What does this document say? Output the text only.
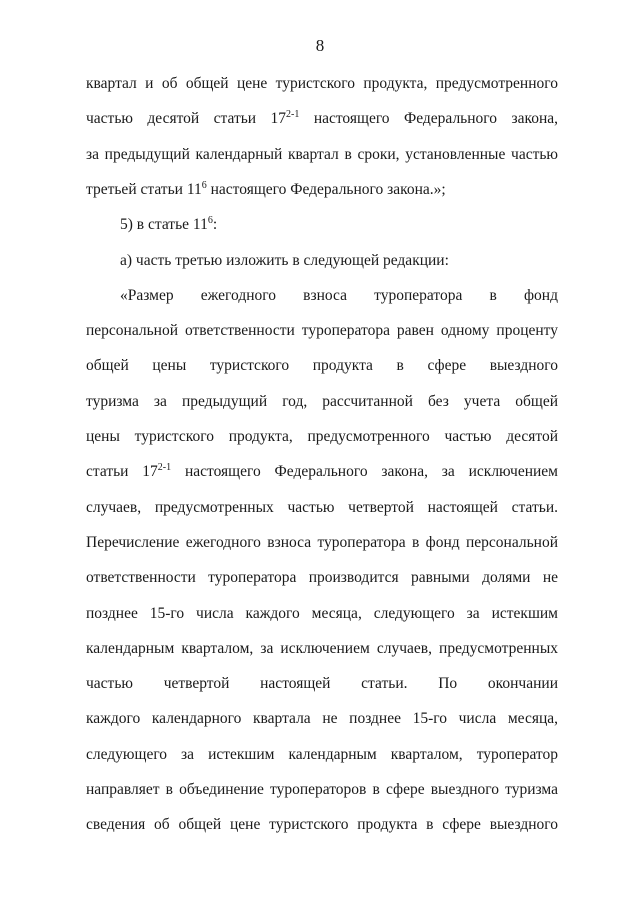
8
квартал и об общей цене туристского продукта, предусмотренного
частью десятой статьи 17$^{2-1}$ настоящего Федерального закона,
за предыдущий календарный квартал в сроки, установленные частью
третьей статьи $11^6$ настоящего Федерального закона.»;
5) в статье $11^6$:
а) часть третью изложить в следующей редакции:
«Размер ежегодного взноса туроператора в фонд
персональной ответственности туроператора равен одному проценту
общей цены туристского продукта в сфере выездного
туризма за предыдущий год, рассчитанной без учета общей
цены туристского продукта, предусмотренного частью десятой
статьи 17$^{2-1}$ настоящего Федерального закона, за исключением
случаев, предусмотренных частью четвертой настоящей статьи.
Перечисление ежегодного взноса туроператора в фонд персональной
ответственности туроператора производится равными долями не
позднее 15-го числа каждого месяца, следующего за истекшим
календарным кварталом, за исключением случаев, предусмотренных
частью четвертой настоящей статьи. По окончании
каждого календарного квартала не позднее 15-го числа месяца,
следующего за истекшим календарным кварталом, туроператор
направляет в объединение туроператоров в сфере выездного туризма
сведения об общей цене туристского продукта в сфере выездного
